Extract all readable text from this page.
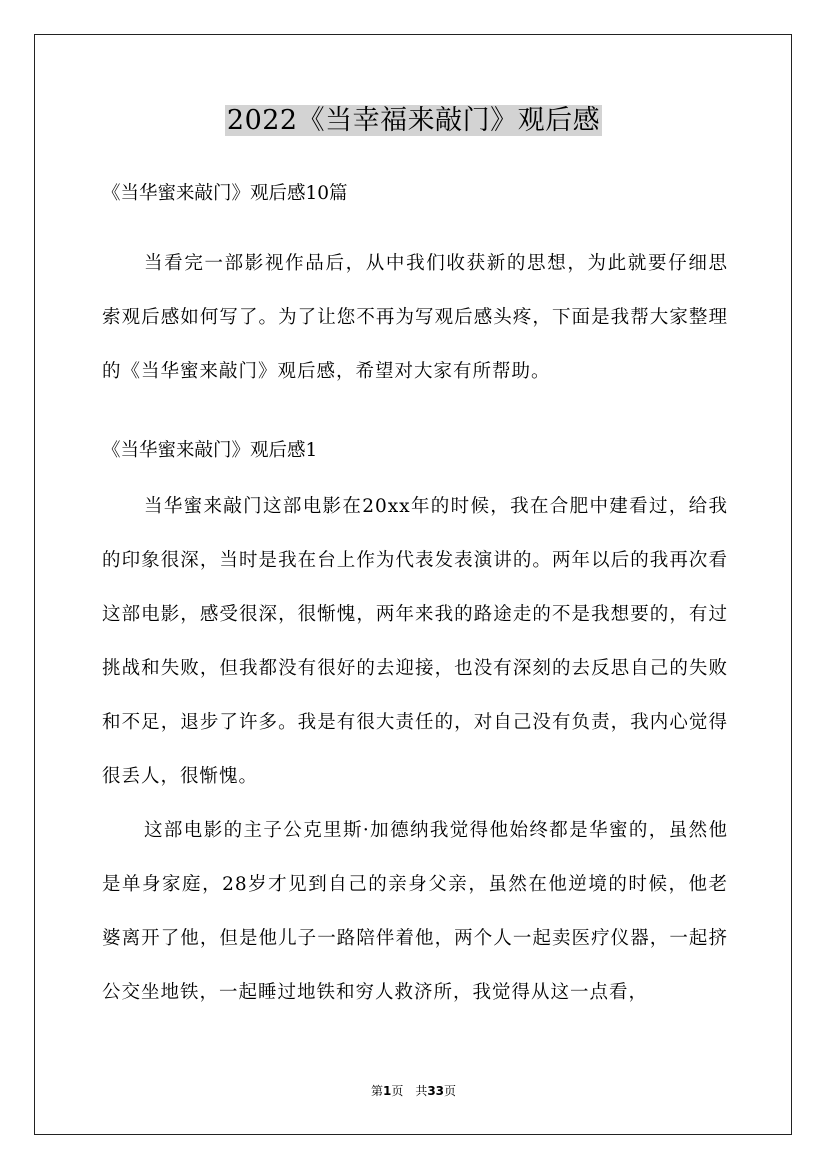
2022《当幸福来敲门》观后感
《当华蜜来敲门》观后感10篇

当看完一部影视作品后，从中我们收获新的思想，为此就要仔细思索观后感如何写了。为了让您不再为写观后感头疼，下面是我帮大家整理的《当华蜜来敲门》观后感，希望对大家有所帮助。

《当华蜜来敲门》观后感1

当华蜜来敲门这部电影在20xx年的时候，我在合肥中建看过，给我的印象很深，当时是我在台上作为代表发表演讲的。两年以后的我再次看这部电影，感受很深，很惭愧，两年来我的路途走的不是我想要的，有过挑战和失败，但我都没有很好的去迎接，也没有深刻的去反思自己的失败和不足，退步了许多。我是有很大责任的，对自己没有负责，我内心觉得很丢人，很惭愧。

这部电影的主子公克里斯·加德纳我觉得他始终都是华蜜的，虽然他是单身家庭，28岁才见到自己的亲身父亲，虽然在他逆境的时候，他老婆离开了他，但是他儿子一路陪伴着他，两个人一起卖医疗仪器，一起挤公交坐地铁，一起睡过地铁和穷人救济所，我觉得从这一点看，

第1页　共33页
